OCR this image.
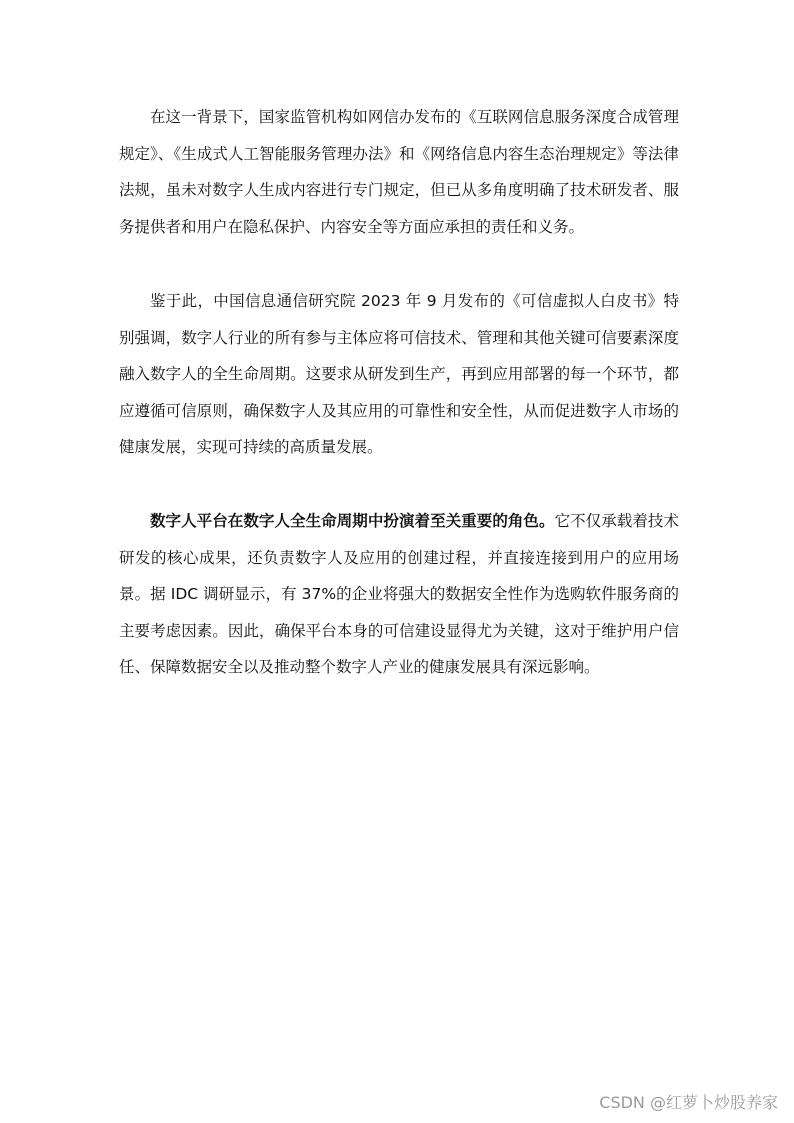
在这一背景下，国家监管机构如网信办发布的《互联网信息服务深度合成管理规定》、《生成式人工智能服务管理办法》和《网络信息内容生态治理规定》等法律法规，虽未对数字人生成内容进行专门规定，但已从多角度明确了技术研发者、服务提供者和用户在隐私保护、内容安全等方面应承担的责任和义务。

鉴于此，中国信息通信研究院 2023 年 9 月发布的《可信虚拟人白皮书》特别强调，数字人行业的所有参与主体应将可信技术、管理和其他关键可信要素深度融入数字人的全生命周期。这要求从研发到生产，再到应用部署的每一个环节，都应遵循可信原则，确保数字人及其应用的可靠性和安全性，从而促进数字人市场的健康发展，实现可持续的高质量发展。

数字人平台在数字人全生命周期中扮演着至关重要的角色。它不仅承载着技术研发的核心成果，还负责数字人及应用的创建过程，并直接连接到用户的应用场景。据 IDC 调研显示，有 37%的企业将强大的数据安全性作为选购软件服务商的主要考虑因素。因此，确保平台本身的可信建设显得尤为关键，这对于维护用户信任、保障数据安全以及推动整个数字人产业的健康发展具有深远影响。

CSDN @红萝卜炒股养家
